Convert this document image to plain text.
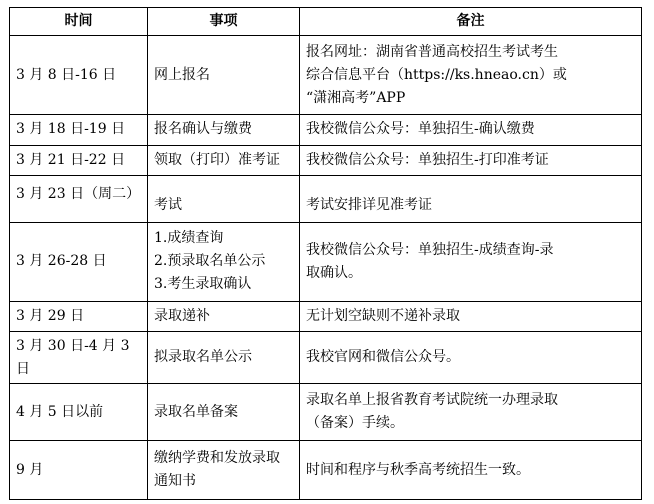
时间	事项	备注
3 月 8 日-16 日	网上报名	报名网址：湖南省普通高校招生考试考生
综合信息平台（https://ks.hneao.cn）或
“潇湘高考”APP

3 月 18 日-19 日	报名确认与缴费	我校微信公众号：单独招生-确认缴费

3 月 21 日-22 日	领取（打印）准考证	我校微信公众号：单独招生-打印准考证

3 月 23 日（周二）	考试	考试安排详见准考证

3 月 26-28 日	1.成绩查询
2.预录取名单公示
3.考生录取确认	我校微信公众号：单独招生-成绩查询-录
取确认。

3 月 29 日	录取递补	无计划空缺则不递补录取

3 月 30 日-4 月 3 日	拟录取名单公示	我校官网和微信公众号。

4 月 5 日以前	录取名单备案	录取名单上报省教育考试院统一办理录取
（备案）手续。

9 月	缴纳学费和发放录取
通知书	时间和程序与秋季高考统招生一致。
